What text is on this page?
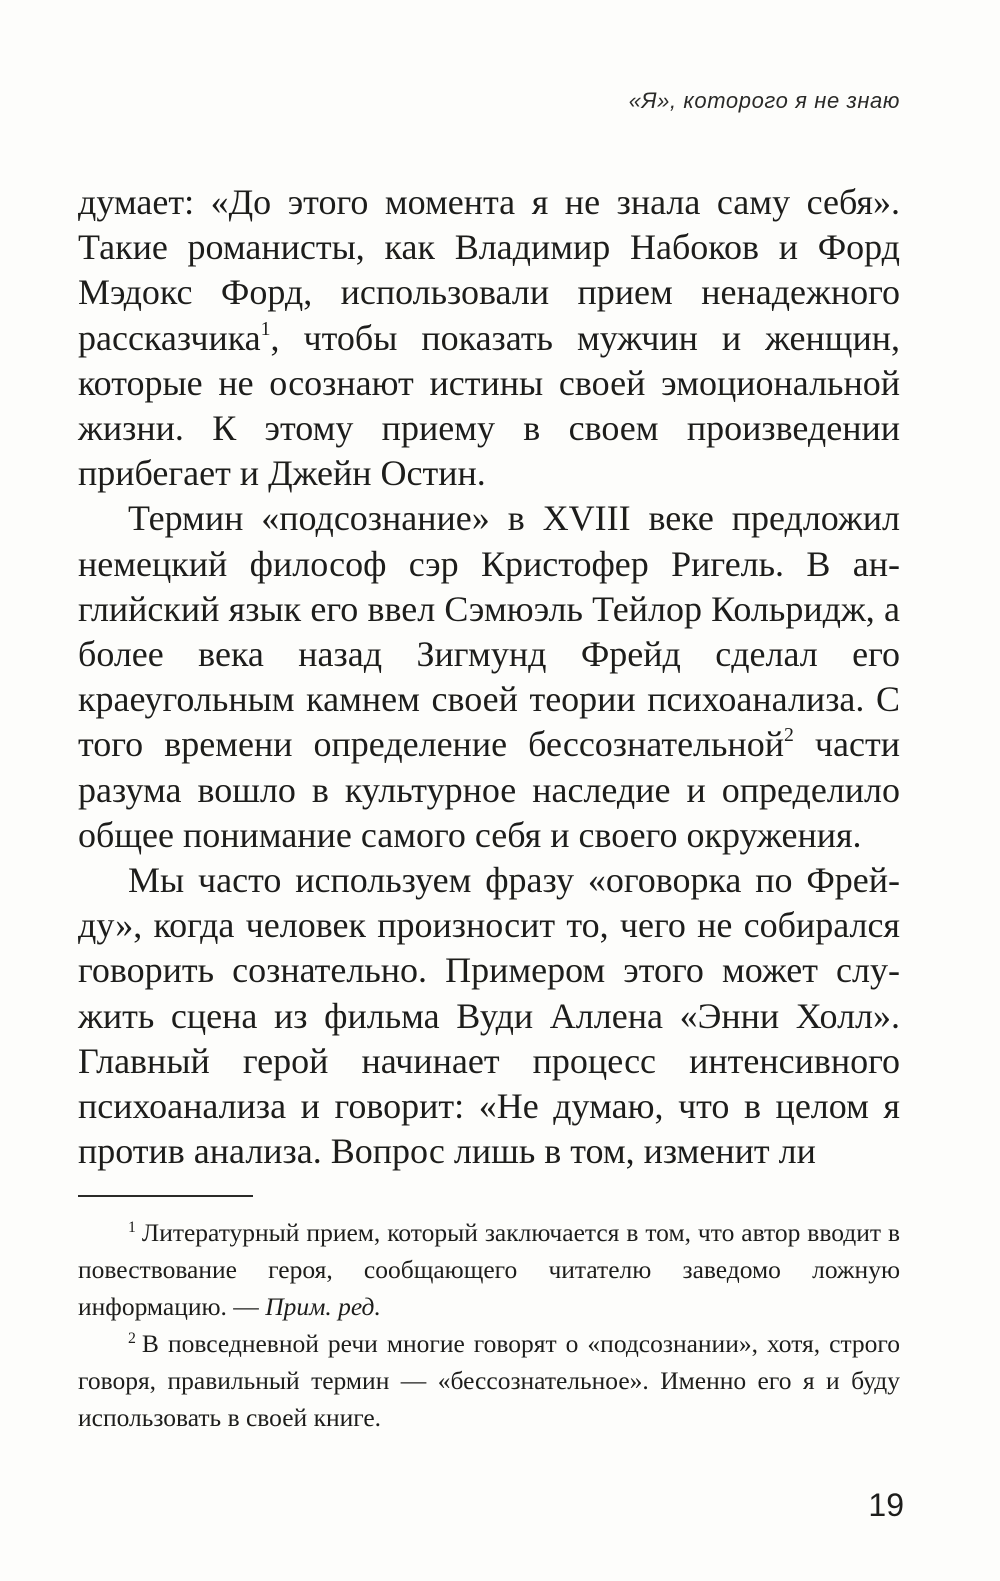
«Я», которого я не знаю

думает: «До этого момента я не знала саму себя». Такие романисты, как Владимир Набоков и Форд Мэдокс Форд, использовали прием ненадежного рассказчика$^1$, чтобы показать мужчин и женщин, которые не осознают истины своей эмоциональной жизни. К этому приему в своем произведении прибегает и Джейн Остин.

Термин «подсознание» в XVIII веке предложил немецкий философ сэр Кристофер Ригель. В английский язык его ввел Сэмюэль Тейлор Кольридж, а более века назад Зигмунд Фрейд сделал его краеугольным камнем своей теории психоанализа. С того времени определение бессознательной$^2$ части разума вошло в культурное наследие и определило общее понимание самого себя и своего окружения.

Мы часто используем фразу «оговорка по Фрейду», когда человек произносит то, чего не собирался говорить сознательно. Примером этого может служить сцена из фильма Вуди Аллена «Энни Холл». Главный герой начинает процесс интенсивного психоанализа и говорит: «Не думаю, что в целом я против анализа. Вопрос лишь в том, изменит ли

$^1$ Литературный прием, который заключается в том, что автор вводит в повествование героя, сообщающего читателю заведомо ложную информацию. — Прим. ред.

$^2$ В повседневной речи многие говорят о «подсознании», хотя, строго говоря, правильный термин — «бессознательное». Именно его я и буду использовать в своей книге.

19
